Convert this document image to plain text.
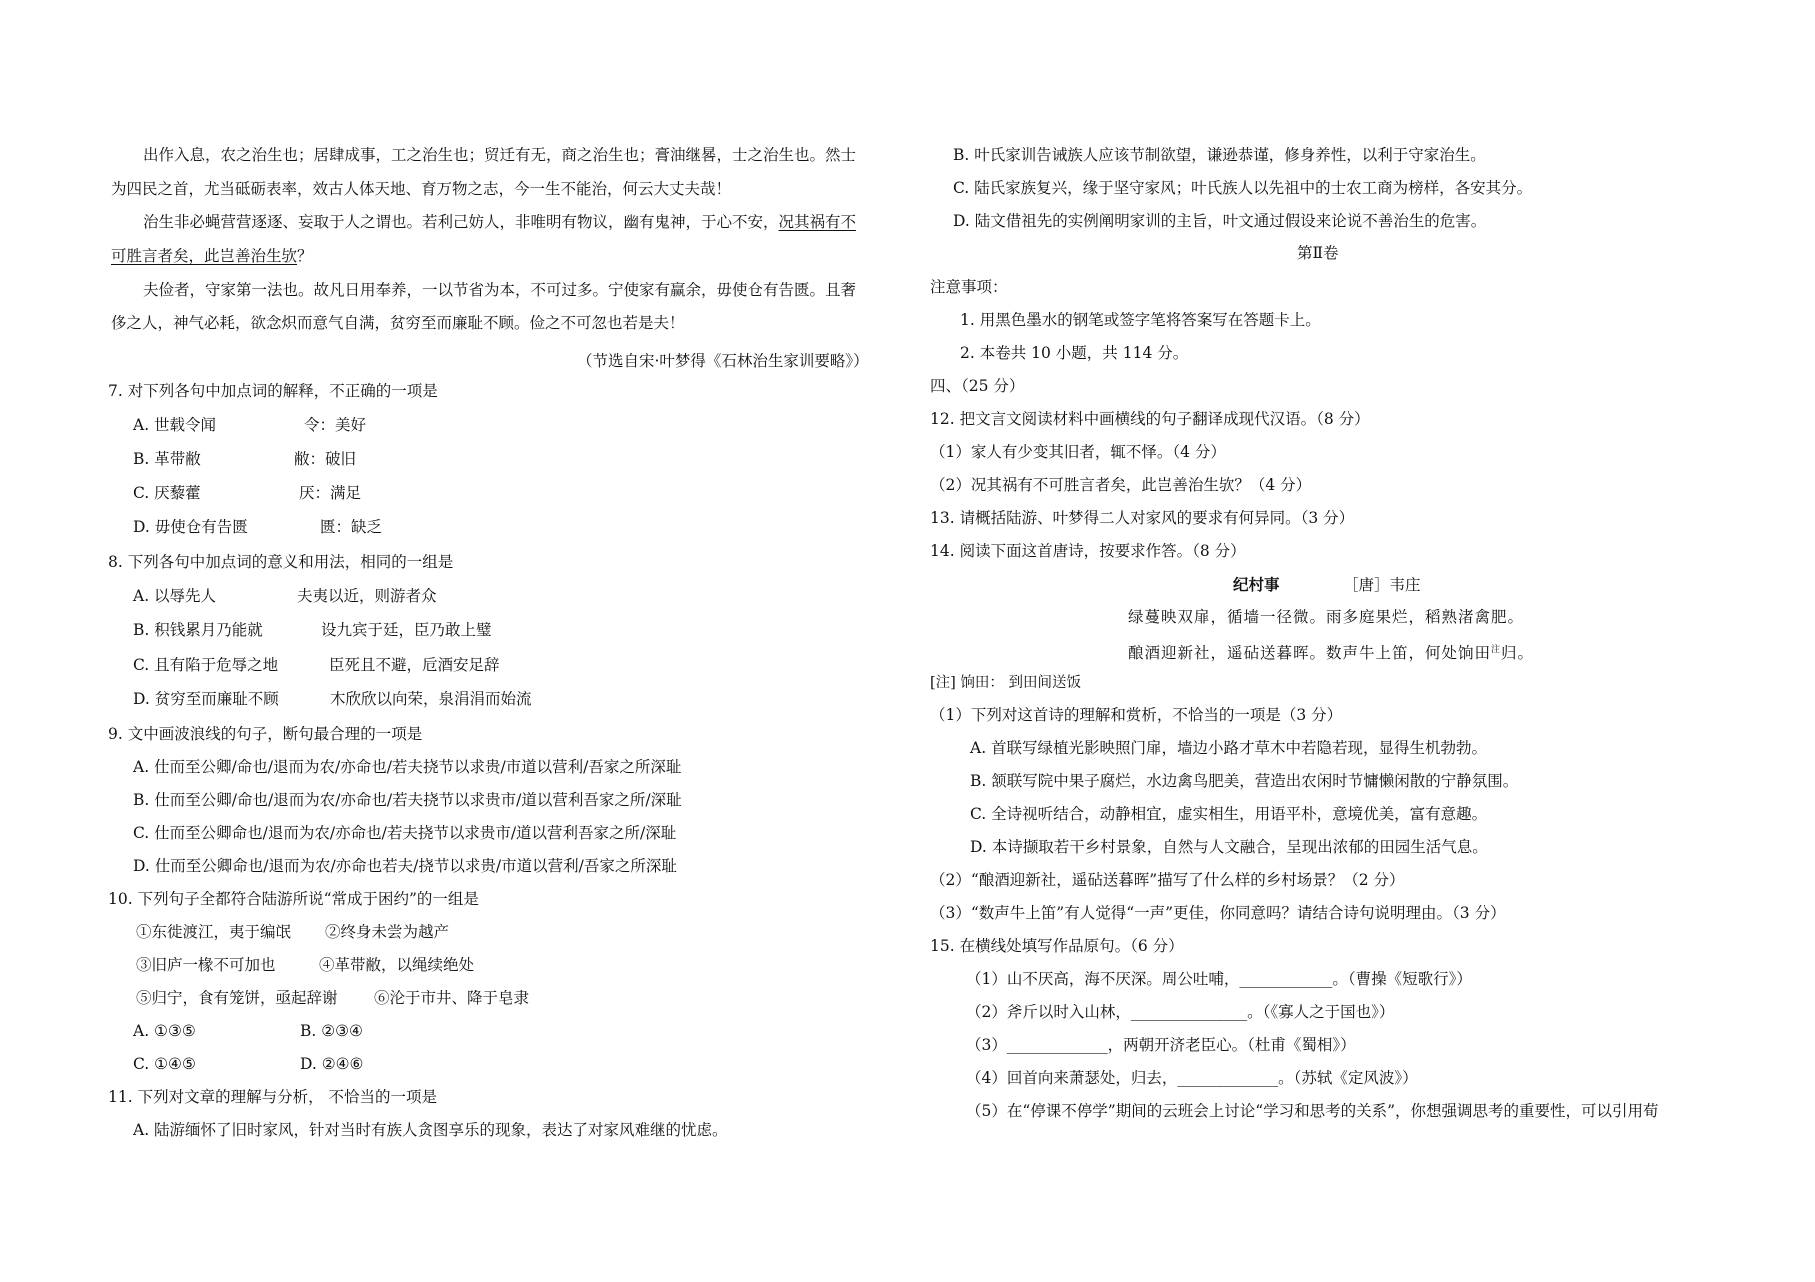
出作入息，农之治生也；居肆成事，工之治生也；贸迁有无，商之治生也；膏油继晷，士之治生也。然士
为四民之首，尤当砥砺表率，效古人体天地、育万物之志，今一生不能治，何云大丈夫哉！
治生非必蝇营营逐逐、妄取于人之谓也。若利己妨人，非唯明有物议，幽有鬼神，于心不安，况其祸有不
可胜言者矣，此岂善治生欤？
夫俭者，守家第一法也。故凡日用奉养，一以节省为本，不可过多。宁使家有赢余，毋使仓有告匮。且奢
侈之人，神气必耗，欲念炽而意气自满，贫穷至而廉耻不顾。俭之不可忽也若是夫！
（节选自宋·叶梦得《石林治生家训要略》）
7. 对下列各句中加点词的解释，不正确的一项是
A. 世载令闻	令：美好
B. 革带敝	敝：破旧
C. 厌藜藿	厌：满足
D. 毋使仓有告匮	匮：缺乏
8. 下列各句中加点词的意义和用法，相同的一组是
A. 以辱先人	夫夷以近，则游者众
B. 积钱累月乃能就	设九宾于廷，臣乃敢上璧
C. 且有陷于危辱之地	臣死且不避，卮酒安足辞
D. 贫穷至而廉耻不顾	木欣欣以向荣，泉涓涓而始流
9. 文中画波浪线的句子，断句最合理的一项是
A. 仕而至公卿/命也/退而为农/亦命也/若夫挠节以求贵/市道以营利/吾家之所深耻
B. 仕而至公卿/命也/退而为农/亦命也/若夫挠节以求贵市/道以营利吾家之所/深耻
C. 仕而至公卿命也/退而为农/亦命也/若夫挠节以求贵市/道以营利吾家之所/深耻
D. 仕而至公卿命也/退而为农/亦命也若夫/挠节以求贵/市道以营利/吾家之所深耻
10. 下列句子全都符合陆游所说“常成于困约”的一组是
①东徙渡江，夷于编氓 ②终身未尝为越产
③旧庐一椽不可加也	④革带敝，以绳续绝处
⑤归宁，食有笼饼，亟起辞谢 ⑥沦于市井、降于皂隶
A. ①③⑤	B. ②③④
C. ①④⑤	D. ②④⑥
11. 下列对文章的理解与分析， 不恰当的一项是
A. 陆游缅怀了旧时家风，针对当时有族人贪图享乐的现象，表达了对家风难继的忧虑。
B. 叶氏家训告诫族人应该节制欲望，谦逊恭谨，修身养性，以利于守家治生。
C. 陆氏家族复兴，缘于坚守家风；叶氏族人以先祖中的士农工商为榜样，各安其分。
D. 陆文借祖先的实例阐明家训的主旨，叶文通过假设来论说不善治生的危害。
第Ⅱ卷
注意事项：
1. 用黑色墨水的钢笔或签字笔将答案写在答题卡上。
2. 本卷共 10 小题，共 114 分。
四、（25 分）
12. 把文言文阅读材料中画横线的句子翻译成现代汉语。（8 分）
（1）家人有少变其旧者，辄不怿。（4 分）
（2）况其祸有不可胜言者矣，此岂善治生欤？（4 分）
13. 请概括陆游、叶梦得二人对家风的要求有何异同。（3 分）
14. 阅读下面这首唐诗，按要求作答。（8 分）
纪村事	［唐］韦庄
绿蔓映双扉，循墙一径微。雨多庭果烂，稻熟渚禽肥。
酿酒迎新社，遥砧送暮晖。数声牛上笛，何处饷田$^注$归。
[注] 饷田： 到田间送饭
（1）下列对这首诗的理解和赏析，不恰当的一项是（3 分）
A. 首联写绿植光影映照门扉，墙边小路才草木中若隐若现，显得生机勃勃。
B. 颔联写院中果子腐烂，水边禽鸟肥美，营造出农闲时节慵懒闲散的宁静氛围。
C. 全诗视听结合，动静相宜，虚实相生，用语平朴，意境优美，富有意趣。
D. 本诗撷取若干乡村景象，自然与人文融合，呈现出浓郁的田园生活气息。
（2）“酿酒迎新社，遥砧送暮晖”描写了什么样的乡村场景？（2 分）
（3）“数声牛上笛”有人觉得“一声”更佳，你同意吗？请结合诗句说明理由。（3 分）
15. 在横线处填写作品原句。（6 分）
（1）山不厌高，海不厌深。周公吐哺，____________。（曹操《短歌行》）
（2）斧斤以时入山林，_______________。（《寡人之于国也》）
（3）_____________，两朝开济老臣心。（杜甫《蜀相》）
（4）回首向来萧瑟处，归去，_____________。（苏轼《定风波》）
（5）在“停课不停学”期间的云班会上讨论“学习和思考的关系”，你想强调思考的重要性，可以引用荀
